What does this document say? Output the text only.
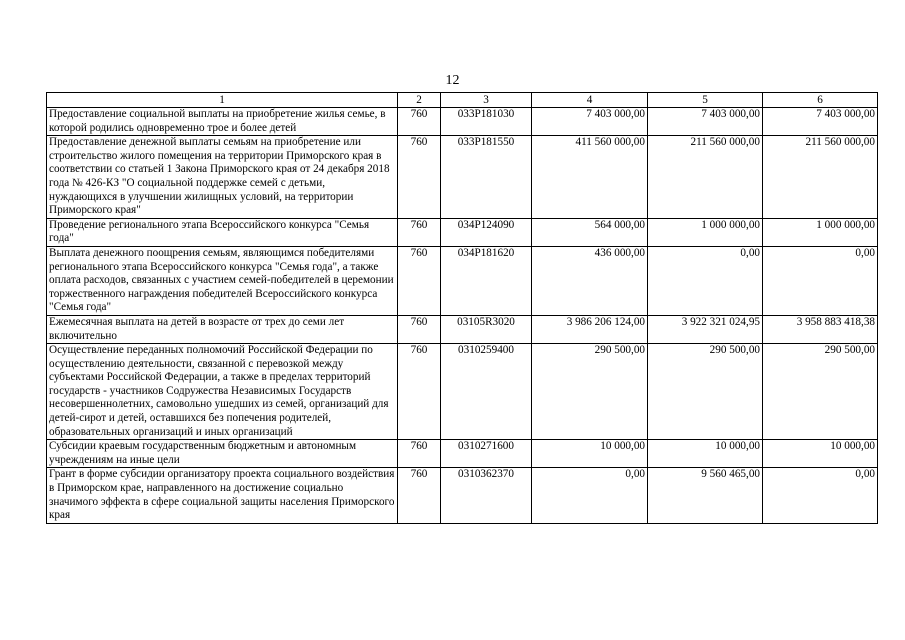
12
1	2	3	4	5	6
Предоставление социальной выплаты на приобретение жилья семье, в которой родились одновременно трое и более детей	760	033P181030	7 403 000,00	7 403 000,00	7 403 000,00
Предоставление денежной выплаты семьям на приобретение или строительство жилого помещения на территории Приморского края в соответствии со статьей 1 Закона Приморского края от 24 декабря 2018 года № 426-КЗ "О социальной поддержке семей с детьми, нуждающихся в улучшении жилищных условий, на территории Приморского края"	760	033P181550	411 560 000,00	211 560 000,00	211 560 000,00
Проведение регионального этапа Всероссийского конкурса "Семья года"	760	034P124090	564 000,00	1 000 000,00	1 000 000,00
Выплата денежного поощрения семьям, являющимся победителями регионального этапа Всероссийского конкурса "Семья года", а также оплата расходов, связанных с участием семей-победителей в церемонии торжественного награждения победителей Всероссийского конкурса "Семья года"	760	034P181620	436 000,00	0,00	0,00
Ежемесячная выплата на детей в возрасте от трех до семи лет включительно	760	03105R3020	3 986 206 124,00	3 922 321 024,95	3 958 883 418,38
Осуществление переданных полномочий Российской Федерации по осуществлению деятельности, связанной с перевозкой между субъектами Российской Федерации, а также в пределах территорий государств - участников Содружества Независимых Государств несовершеннолетних, самовольно ушедших из семей, организаций для детей-сирот и детей, оставшихся без попечения родителей, образовательных организаций и иных организаций	760	0310259400	290 500,00	290 500,00	290 500,00
Субсидии краевым государственным бюджетным и автономным учреждениям на иные цели	760	0310271600	10 000,00	10 000,00	10 000,00
Грант в форме субсидии организатору проекта социального воздействия в Приморском крае, направленного на достижение социально значимого эффекта в сфере социальной защиты населения Приморского края	760	0310362370	0,00	9 560 465,00	0,00
